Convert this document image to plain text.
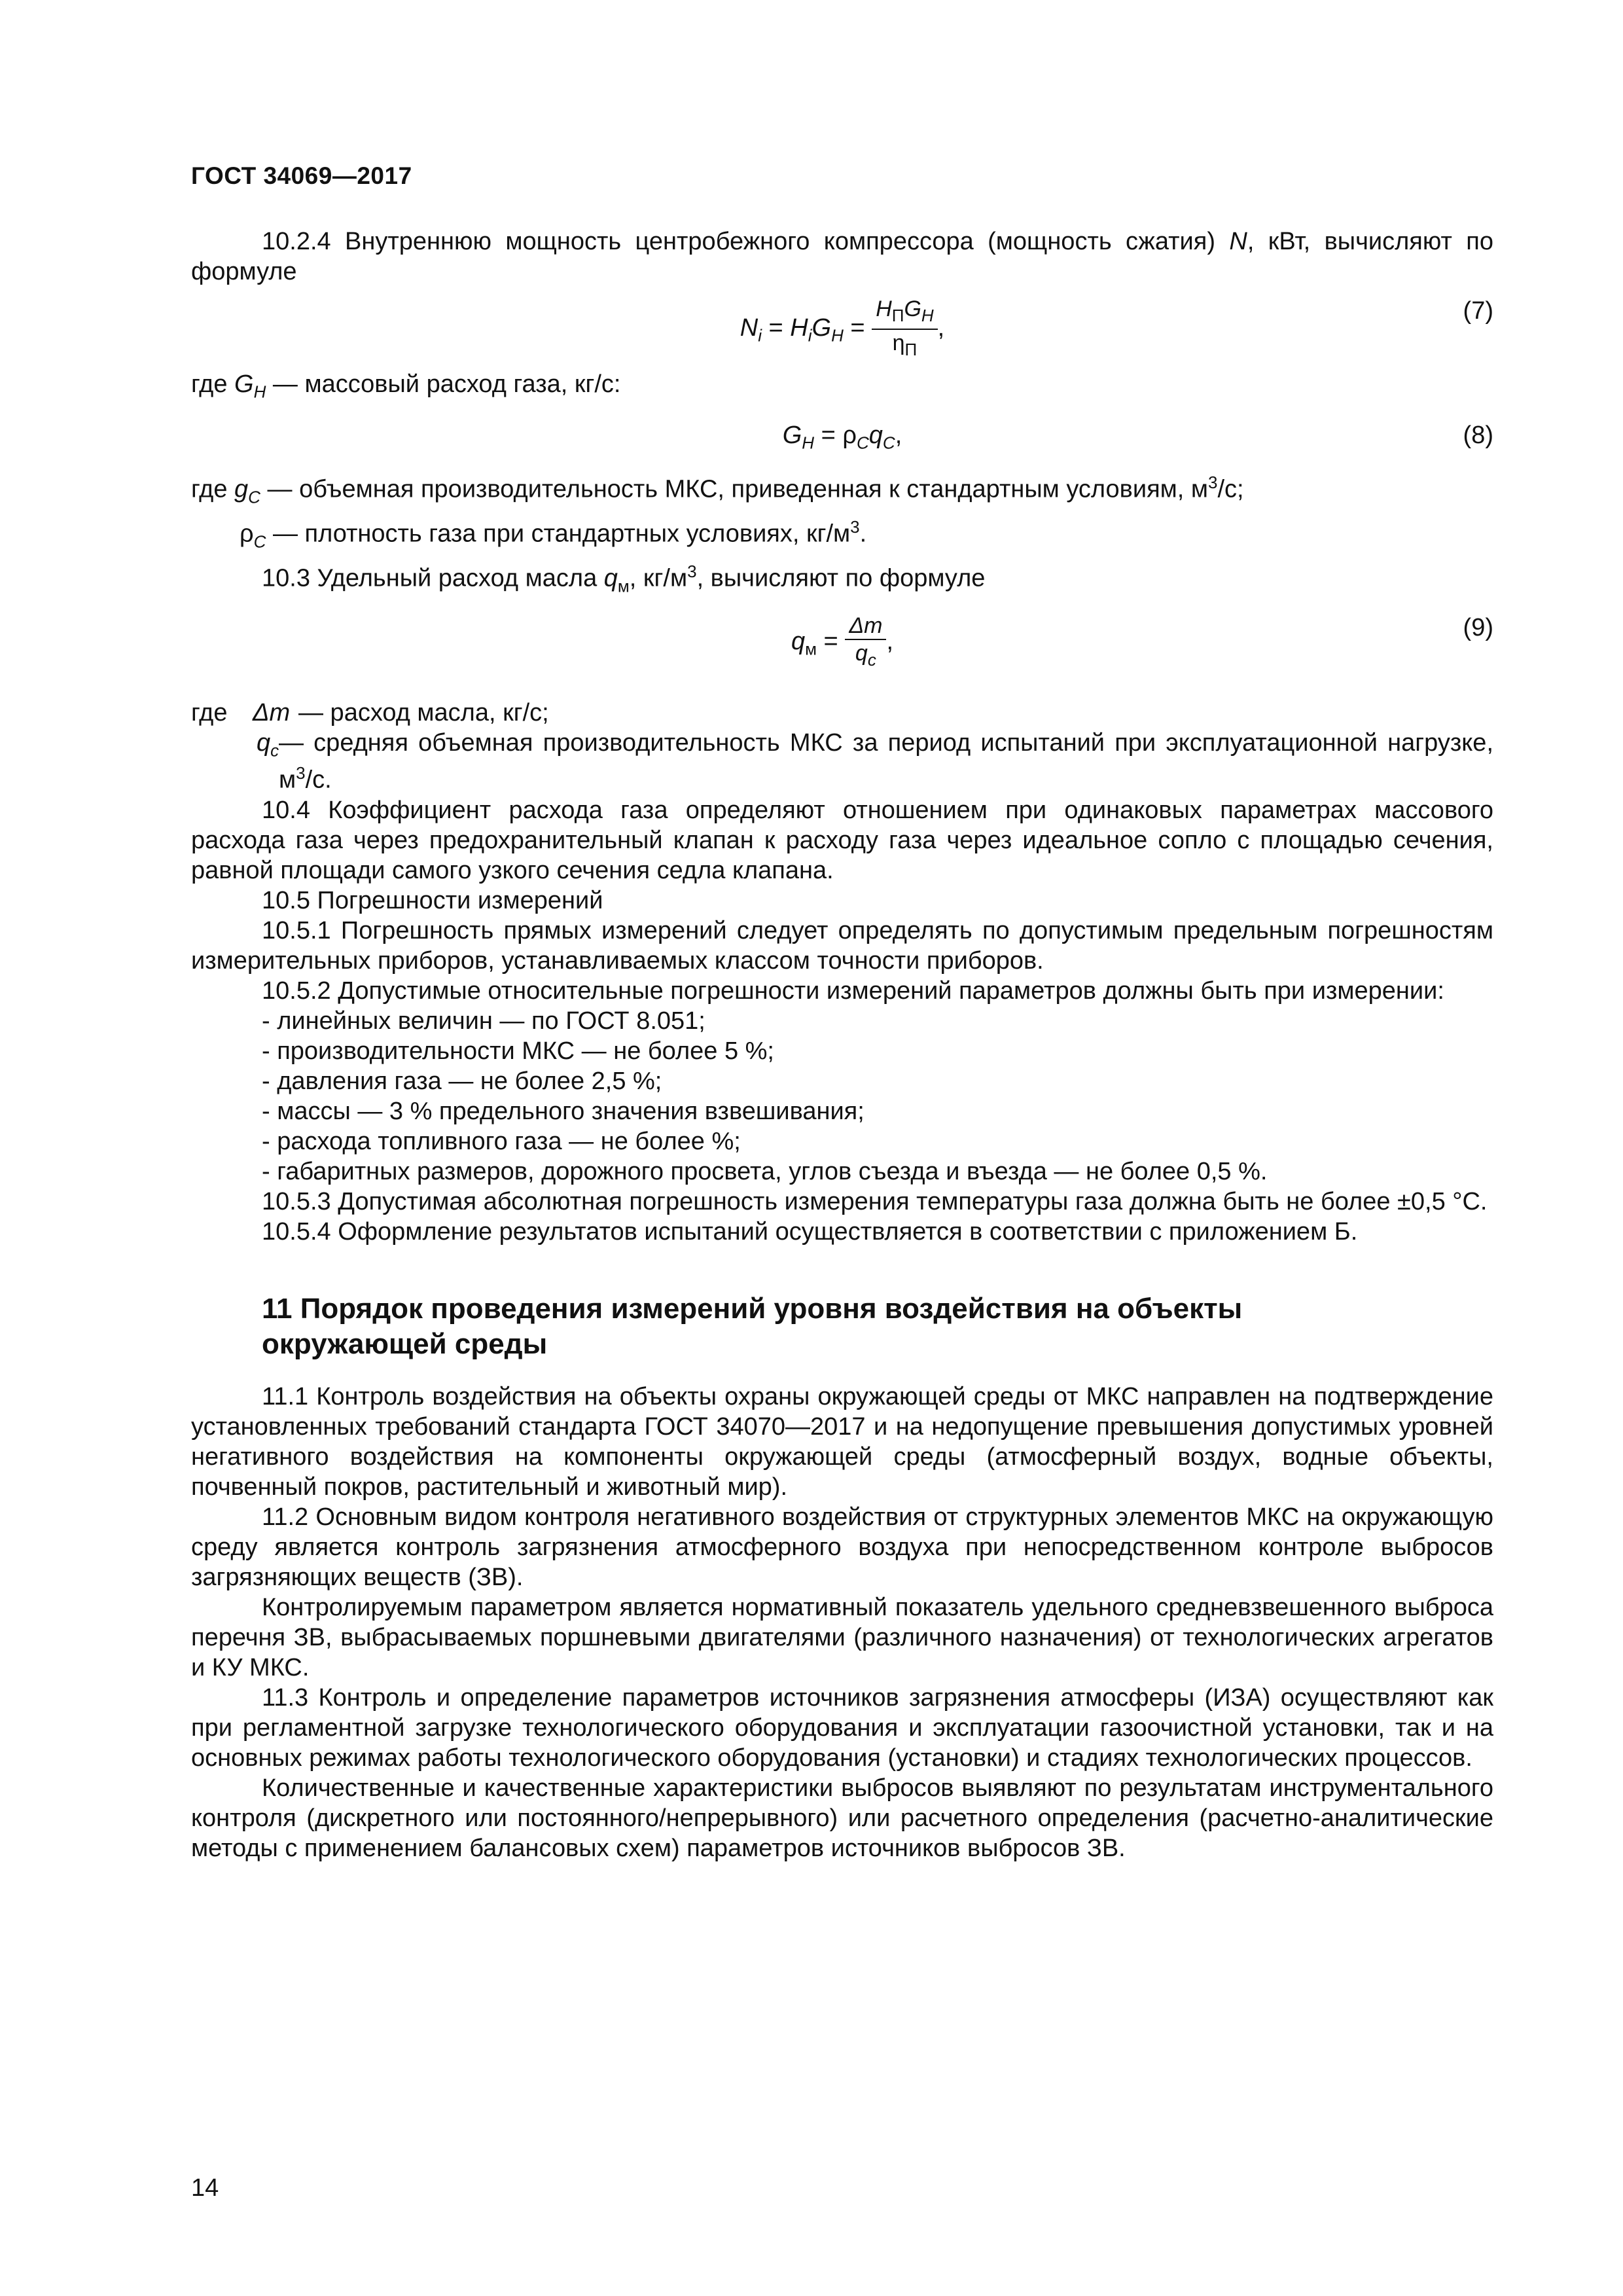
ГОСТ 34069—2017

10.2.4 Внутреннюю мощность центробежного компрессора (мощность сжатия) N, кВт, вычисляют по формуле

$N_i = H_iG_H = \frac{H_ПG_H}{\eta_П}$ ,
(7)

где $G_H$ — массовый расход газа, кг/с:

$G_H = \rho_Cq_C$,	(8)

где $g_C$ — объемная производительность МКС, приведенная к стандартным условиям, $м^3/с$;

$\rho_C$ — плотность газа при стандартных условиях, $кг/м^3$.

10.3 Удельный расход масла $q_м$, $кг/м^3$, вычисляют по формуле

$q_м = \frac{\Delta m}{q_c}$ ,	(9)
где	Δm — расход масла, кг/с;
$q_c$ — средняя объемная производительность МКС за период испытаний при эксплуатационной нагрузке, $м^3/с$.

10.4 Коэффициент расхода газа определяют отношением при одинаковых параметрах массового расхода газа через предохранительный клапан к расходу газа через идеальное сопло с площадью сечения, равной площади самого узкого сечения седла клапана.

10.5 Погрешности измерений

10.5.1 Погрешность прямых измерений следует определять по допустимым предельным погрешностям измерительных приборов, устанавливаемых классом точности приборов.

10.5.2 Допустимые относительные погрешности измерений параметров должны быть при измерении:

- линейных величин — по ГОСТ 8.051;

- производительности МКС — не более 5 %;

- давления газа — не более 2,5 %;

- массы — 3 % предельного значения взвешивания;

- расхода топливного газа — не более %;

- габаритных размеров, дорожного просвета, углов съезда и въезда — не более 0,5 %.

10.5.3 Допустимая абсолютная погрешность измерения температуры газа должна быть не более ±0,5 °С.

10.5.4 Оформление результатов испытаний осуществляется в соответствии с приложением Б.

11 Порядок проведения измерений уровня воздействия на объекты окружающей среды

11.1 Контроль воздействия на объекты охраны окружающей среды от МКС направлен на подтверждение установленных требований стандарта ГОСТ 34070—2017 и на недопущение превышения допустимых уровней негативного воздействия на компоненты окружающей среды (атмосферный воздух, водные объекты, почвенный покров, растительный и животный мир).

11.2 Основным видом контроля негативного воздействия от структурных элементов МКС на окружающую среду является контроль загрязнения атмосферного воздуха при непосредственном контроле выбросов загрязняющих веществ (ЗВ).

Контролируемым параметром является нормативный показатель удельного средневзвешенного выброса перечня ЗВ, выбрасываемых поршневыми двигателями (различного назначения) от технологических агрегатов и КУ МКС.

11.3 Контроль и определение параметров источников загрязнения атмосферы (ИЗА) осуществляют как при регламентной загрузке технологического оборудования и эксплуатации газоочистной установки, так и на основных режимах работы технологического оборудования (установки) и стадиях технологических процессов.

Количественные и качественные характеристики выбросов выявляют по результатам инструментального контроля (дискретного или постоянного/непрерывного) или расчетного определения (расчетно-аналитические методы с применением балансовых схем) параметров источников выбросов ЗВ.

14
